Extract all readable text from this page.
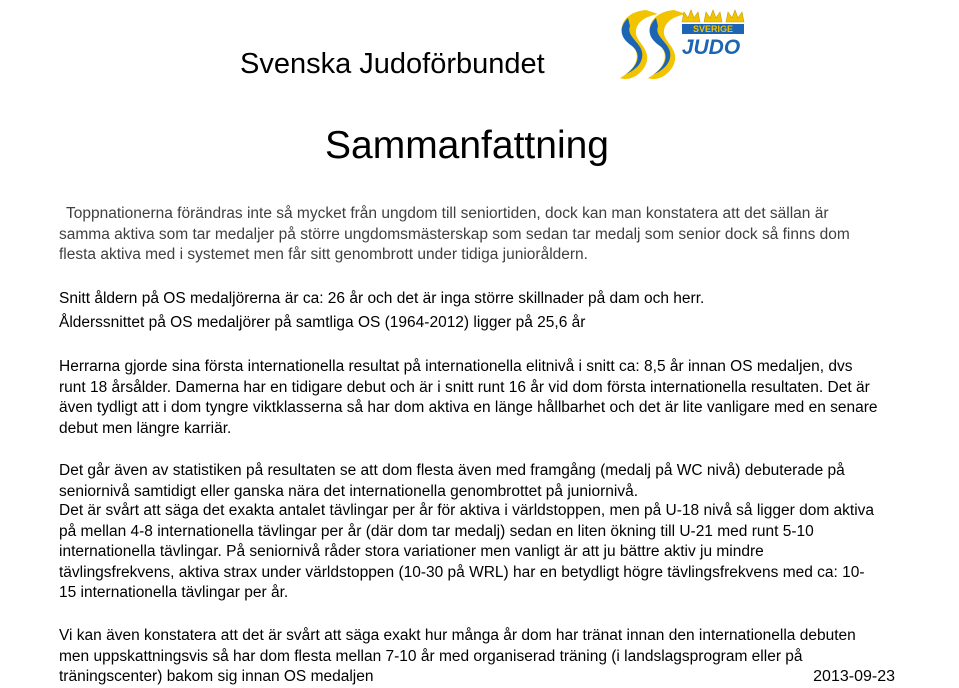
Svenska Judoförbundet
SVERIGE
JUDO
Sammanfattning
Toppnationerna förändras inte så mycket från ungdom till seniortiden, dock kan man konstatera att det sällan är
samma aktiva som tar medaljer på större ungdomsmästerskap som sedan tar medalj som senior dock så finns dom
flesta aktiva med i systemet men får sitt genombrott under tidiga junioråldern.
Snitt åldern på OS medaljörerna är ca: 26 år och det är inga större skillnader på dam och herr.
Ålderssnittet på OS medaljörer på samtliga OS (1964-2012) ligger på 25,6 år
Herrarna gjorde sina första internationella resultat på internationella elitnivå i snitt ca: 8,5 år innan OS medaljen, dvs
runt 18 årsålder. Damerna har en tidigare debut och är i snitt runt 16 år vid dom första internationella resultaten. Det är
även tydligt att i dom tyngre viktklasserna så har dom aktiva en länge hållbarhet och det är lite vanligare med en senare
debut men längre karriär.
Det går även av statistiken på resultaten se att dom flesta även med framgång (medalj på WC nivå) debuterade på
seniornivå samtidigt eller ganska nära det internationella genombrottet på juniornivå.
Det är svårt att säga det exakta antalet tävlingar per år för aktiva i världstoppen, men på U-18 nivå så ligger dom aktiva
på mellan 4-8 internationella tävlingar per år (där dom tar medalj) sedan en liten ökning till U-21 med runt 5-10
internationella tävlingar. På seniornivå råder stora variationer men vanligt är att ju bättre aktiv ju mindre
tävlingsfrekvens, aktiva strax under världstoppen (10-30 på WRL) har en betydligt högre tävlingsfrekvens med ca: 10-
15 internationella tävlingar per år.
Vi kan även konstatera att det är svårt att säga exakt hur många år dom har tränat innan den internationella debuten
men uppskattningsvis så har dom flesta mellan 7-10 år med organiserad träning (i landslagsprogram eller på
träningscenter) bakom sig innan OS medaljen	2013-09-23
